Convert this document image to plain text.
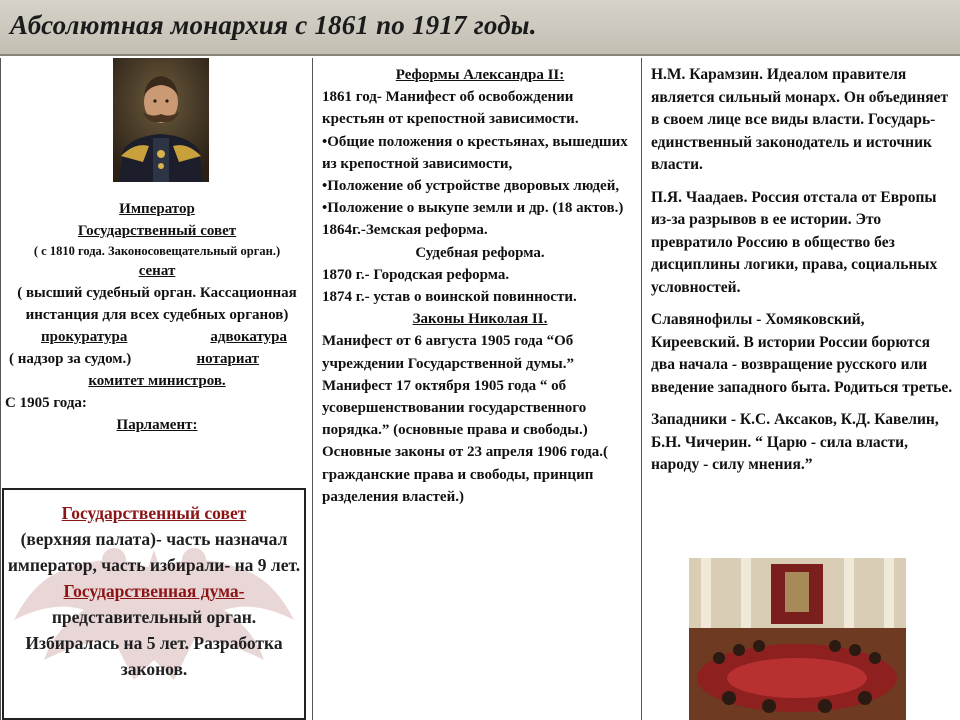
Абсолютная монархия с 1861 по 1917 годы.
Император
Государственный совет
( с 1810 года. Законосовещательный орган.)
сенат
( высший судебный орган. Кассационная инстанция для всех судебных органов)
прокуратура	адвокатура
( надзор за судом.)	нотариат
комитет министров.
С 1905 года:
Парламент:
Государственный совет
(верхняя палата)- часть назначал император, часть избирали- на 9 лет.
Государственная дума-
представительный орган. Избиралась на 5 лет. Разработка законов.
Реформы Александра II:
1861 год- Манифест об освобождении крестьян от крепостной зависимости.
•Общие положения о крестьянах, вышедших из крепостной зависимости,
•Положение об устройстве дворовых людей,
•Положение о выкупе земли и др. (18 актов.)
1864г.-Земская реформа.
Судебная реформа.
1870 г.- Городская реформа.
1874 г.- устав о воинской повинности.
Законы Николая II.
Манифест от 6 августа 1905 года “Об учреждении Государственной думы.” Манифест 17 октября 1905 года “ об усовершенствовании государственного порядка.” (основные права и свободы.) Основные законы от 23 апреля 1906 года.( гражданские права и свободы, принцип разделения властей.)

Н.М. Карамзин. Идеалом правителя является сильный монарх. Он объединяет в своем лице все виды власти. Государь- единственный законодатель и источник власти.

П.Я. Чаадаев. Россия отстала от Европы из-за разрывов в ее истории. Это превратило Россию в общество без дисциплины логики, права, социальных условностей.

Славянофилы - Хомяковский, Киреевский. В истории России борются два начала - возвращение русского или введение западного быта. Родиться третье.

Западники - К.С. Аксаков, К.Д. Кавелин, Б.Н. Чичерин. “ Царю - сила власти, народу - силу мнения.”
